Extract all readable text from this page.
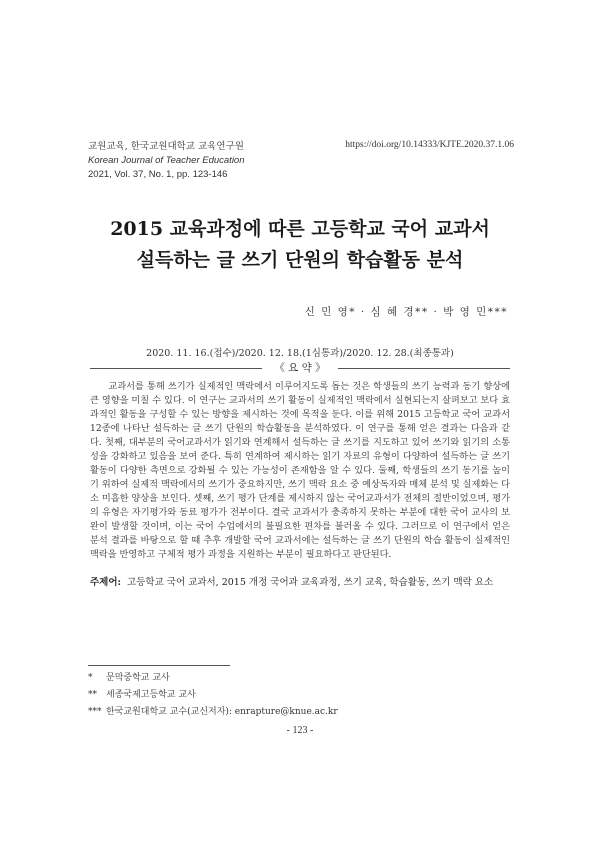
교원교육, 한국교원대학교 교육연구원
Korean Journal of Teacher Education
2021, Vol. 37, No. 1, pp. 123-146
https://doi.org/10.14333/KJTE.2020.37.1.06
2015 교육과정에 따른 고등학교 국어 교과서
설득하는 글 쓰기 단원의 학습활동 분석
신 민 영* · 심 혜 경** · 박 영 민***
2020. 11. 16.(접수)/2020. 12. 18.(1심통과)/2020. 12. 28.(최종통과)
《 요 약 》
교과서를 통해 쓰기가 실제적인 맥락에서 이루어지도록 돕는 것은 학생들의 쓰기 능력과 동기 향상에 큰 영향을 미칠 수 있다. 이 연구는 교과서의 쓰기 활동이 실제적인 맥락에서 실현되는지 살펴보고 보다 효과적인 활동을 구성할 수 있는 방향을 제시하는 것에 목적을 둔다. 이를 위해 2015 고등학교 국어 교과서 12종에 나타난 설득하는 글 쓰기 단원의 학습활동을 분석하였다. 이 연구를 통해 얻은 결과는 다음과 같다. 첫째, 대부분의 국어교과서가 읽기와 연계해서 설득하는 글 쓰기를 지도하고 있어 쓰기와 읽기의 소통성을 강화하고 있음을 보여 준다. 특히 연계하여 제시하는 읽기 자료의 유형이 다양하여 설득하는 글 쓰기 활동이 다양한 측면으로 강화될 수 있는 가능성이 존재함을 알 수 있다. 둘째, 학생들의 쓰기 동기를 높이기 위하여 실제적 맥락에서의 쓰기가 중요하지만, 쓰기 맥락 요소 중 예상독자와 매체 분석 및 실제화는 다소 미흡한 양상을 보인다. 셋째, 쓰기 평가 단계를 제시하지 않는 국어교과서가 전체의 절반이었으며, 평가의 유형은 자기평가와 동료 평가가 전부이다. 결국 교과서가 충족하지 못하는 부분에 대한 국어 교사의 보완이 발생할 것이며, 이는 국어 수업에서의 불필요한 편차를 불러올 수 있다. 그러므로 이 연구에서 얻은 분석 결과를 바탕으로 할 때 추후 개발할 국어 교과서에는 설득하는 글 쓰기 단원의 학습 활동이 실제적인 맥락을 반영하고 구체적 평가 과정을 지원하는 부분이 필요하다고 판단된다.
주제어: 고등학교 국어 교과서, 2015 개정 국어과 교육과정, 쓰기 교육, 학습활동, 쓰기 맥락 요소
* 문막중학교 교사
** 세종국제고등학교 교사
*** 한국교원대학교 교수(교신저자): enrapture@knue.ac.kr
- 123 -
